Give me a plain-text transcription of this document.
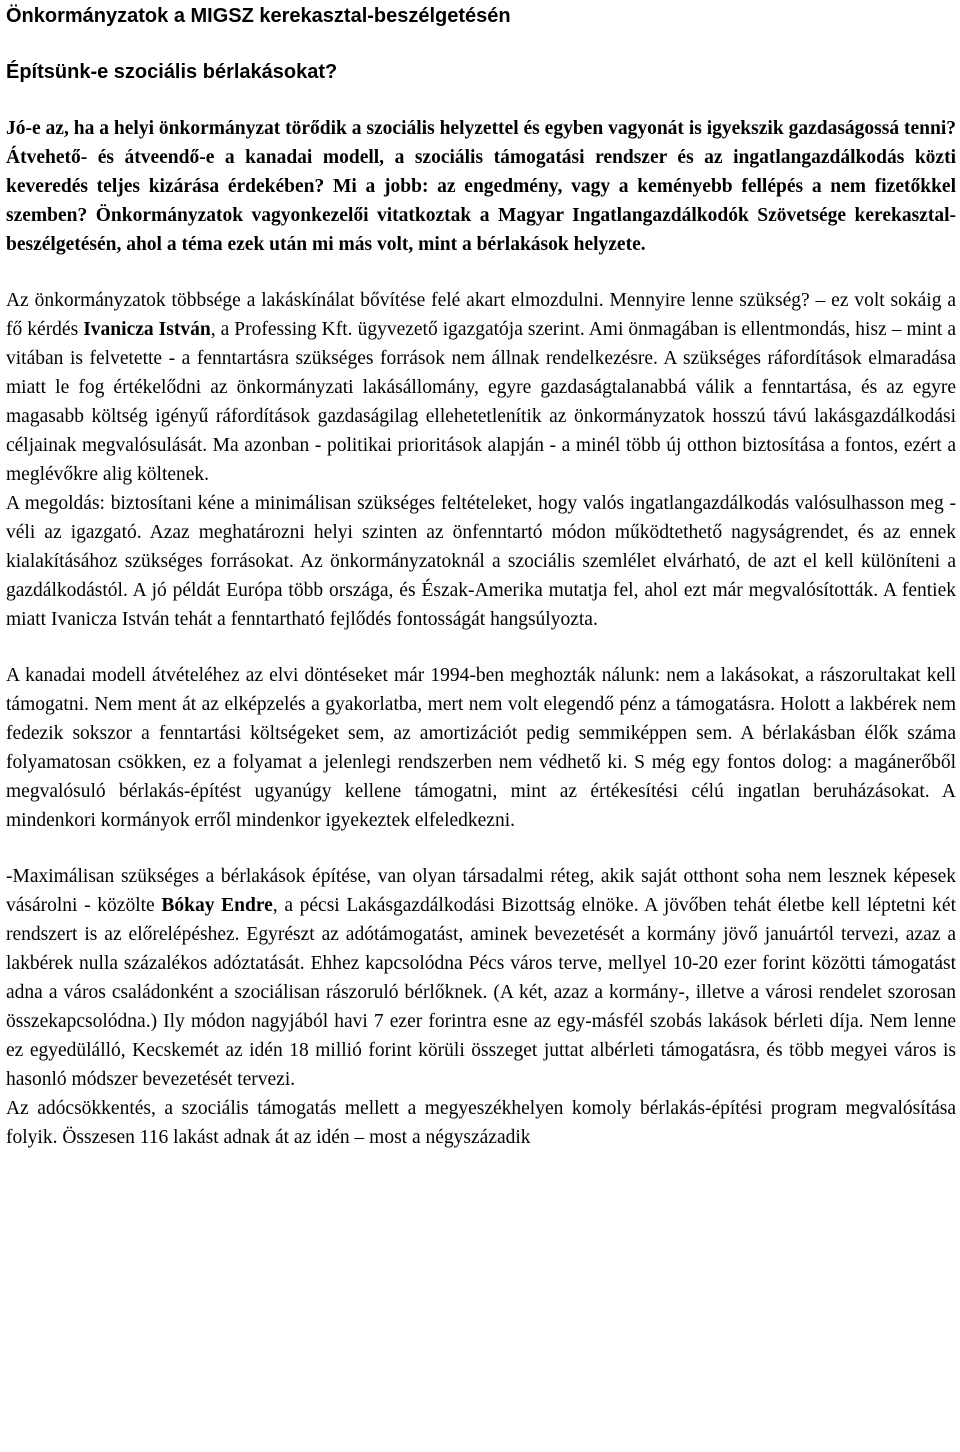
Önkormányzatok a MIGSZ kerekasztal-beszélgetésén
Építsünk-e szociális bérlakásokat?

Jó-e az, ha a helyi önkormányzat törődik a szociális helyzettel és egyben vagyonát is igyekszik gazdaságossá tenni? Átvehető- és átveendő-e a kanadai modell, a szociális támogatási rendszer és az ingatlangazdálkodás közti keveredés teljes kizárása érdekében? Mi a jobb: az engedmény, vagy a keményebb fellépés a nem fizetőkkel szemben? Önkormányzatok vagyonkezelői vitatkoztak a Magyar Ingatlangazdálkodók Szövetsége kerekasztal-beszélgetésén, ahol a téma ezek után mi más volt, mint a bérlakások helyzete.

Az önkormányzatok többsége a lakáskínálat bővítése felé akart elmozdulni. Mennyire lenne szükség? ‒ ez volt sokáig a fő kérdés Ivanicza István, a Professing Kft. ügyvezető igazgatója szerint. Ami önmagában is ellentmondás, hisz ‒ mint a vitában is felvetette - a fenntartásra szükséges források nem állnak rendelkezésre. A szükséges ráfordítások elmaradása miatt le fog értékelődni az önkormányzati lakásállomány, egyre gazdaságtalanabbá válik a fenntartása, és az egyre magasabb költség igényű ráfordítások gazdaságilag ellehetetlenítik az önkormányzatok hosszú távú lakásgazdálkodási céljainak megvalósulását. Ma azonban - politikai prioritások alapján - a minél több új otthon biztosítása a fontos, ezért a meglévőkre alig költenek.

A megoldás: biztosítani kéne a minimálisan szükséges feltételeket, hogy valós ingatlangazdálkodás valósulhasson meg - véli az igazgató. Azaz meghatározni helyi szinten az önfenntartó módon működtethető nagyságrendet, és az ennek kialakításához szükséges forrásokat. Az önkormányzatoknál a szociális szemlélet elvárható, de azt el kell különíteni a gazdálkodástól. A jó példát Európa több országa, és Észak-Amerika mutatja fel, ahol ezt már megvalósították. A fentiek miatt Ivanicza István tehát a fenntartható fejlődés fontosságát hangsúlyozta.

A kanadai modell átvételéhez az elvi döntéseket már 1994-ben meghozták nálunk: nem a lakásokat, a rászorultakat kell támogatni. Nem ment át az elképzelés a gyakorlatba, mert nem volt elegendő pénz a támogatásra. Holott a lakbérek nem fedezik sokszor a fenntartási költségeket sem, az amortizációt pedig semmiképpen sem. A bérlakásban élők száma folyamatosan csökken, ez a folyamat a jelenlegi rendszerben nem védhető ki. S még egy fontos dolog: a magánerőből megvalósuló bérlakás-építést ugyanúgy kellene támogatni, mint az értékesítési célú ingatlan beruházásokat. A mindenkori kormányok erről mindenkor igyekeztek elfeledkezni.

-Maximálisan szükséges a bérlakások építése, van olyan társadalmi réteg, akik saját otthont soha nem lesznek képesek vásárolni - közölte Bókay Endre, a pécsi Lakásgazdálkodási Bizottság elnöke. A jövőben tehát életbe kell léptetni két rendszert is az előrelépéshez. Egyrészt az adótámogatást, aminek bevezetését a kormány jövő januártól tervezi, azaz a lakbérek nulla százalékos adóztatását. Ehhez kapcsolódna Pécs város terve, mellyel 10-20 ezer forint közötti támogatást adna a város családonként a szociálisan rászoruló bérlőknek. (A két, azaz a kormány-, illetve a városi rendelet szorosan összekapcsolódna.) Ily módon nagyjából havi 7 ezer forintra esne az egy-másfél szobás lakások bérleti díja. Nem lenne ez egyedülálló, Kecskemét az idén 18 millió forint körüli összeget juttat albérleti támogatásra, és több megyei város is hasonló módszer bevezetését tervezi.

Az adócsökkentés, a szociális támogatás mellett a megyeszékhelyen komoly bérlakás-építési program megvalósítása folyik. Összesen 116 lakást adnak át az idén ‒ most a négyszázadik
